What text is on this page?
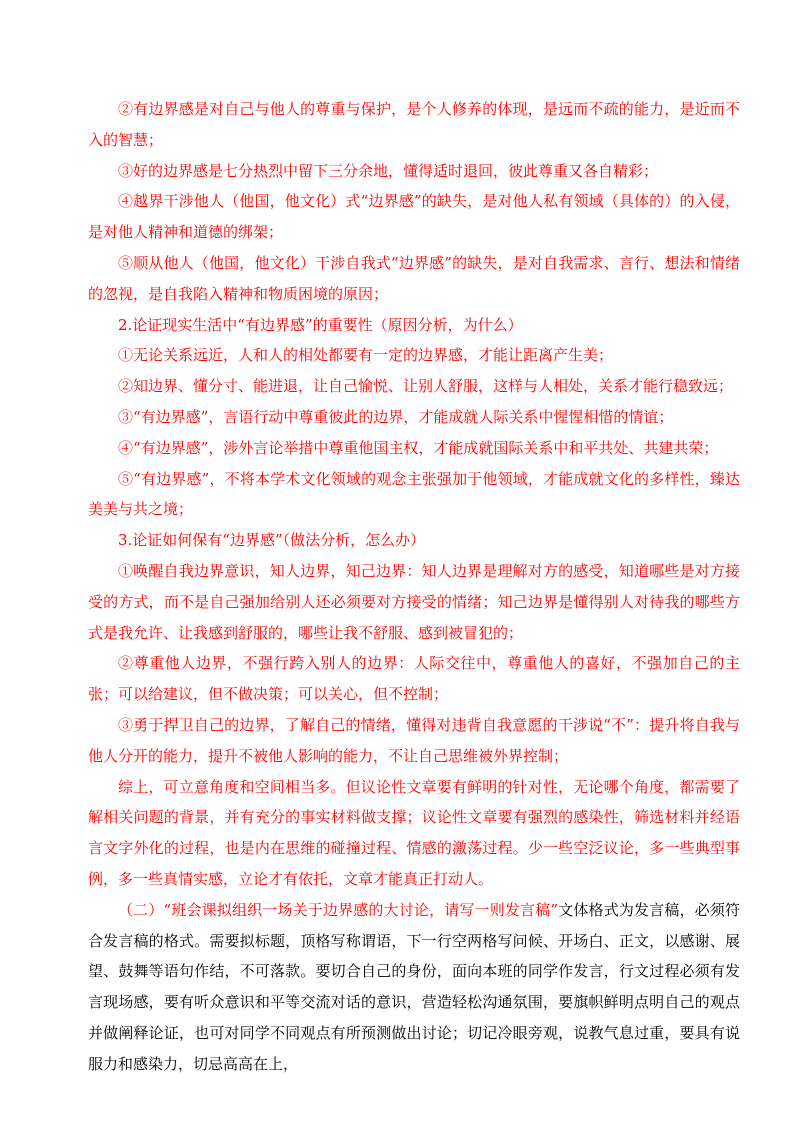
②有边界感是对自己与他人的尊重与保护，是个人修养的体现，是远而不疏的能力，是近而不入的智慧；

③好的边界感是七分热烈中留下三分余地，懂得适时退回，彼此尊重又各自精彩；

④越界干涉他人（他国，他文化）式“边界感”的缺失，是对他人私有领域（具体的）的入侵，是对他人精神和道德的绑架；

⑤顺从他人（他国，他文化）干涉自我式“边界感”的缺失，是对自我需求、言行、想法和情绪的忽视，是自我陷入精神和物质困境的原因；

2.论证现实生活中“有边界感”的重要性（原因分析，为什么）

①无论关系远近，人和人的相处都要有一定的边界感，才能让距离产生美；

②知边界、懂分寸、能进退，让自己愉悦、让别人舒服，这样与人相处，关系才能行稳致远；

③“有边界感”，言语行动中尊重彼此的边界，才能成就人际关系中惺惺相惜的情谊；

④“有边界感”，涉外言论举措中尊重他国主权，才能成就国际关系中和平共处、共建共荣；

⑤“有边界感”，不将本学术文化领域的观念主张强加于他领域，才能成就文化的多样性，臻达美美与共之境；

3.论证如何保有“边界感”（做法分析，怎么办）

①唤醒自我边界意识，知人边界，知己边界：知人边界是理解对方的感受，知道哪些是对方接受的方式，而不是自己强加给别人还必须要对方接受的情绪；知己边界是懂得别人对待我的哪些方式是我允许、让我感到舒服的，哪些让我不舒服、感到被冒犯的；

②尊重他人边界，不强行跨入别人的边界：人际交往中，尊重他人的喜好，不强加自己的主张；可以给建议，但不做决策；可以关心，但不控制；

③勇于捍卫自己的边界，了解自己的情绪，懂得对违背自我意愿的干涉说“不”：提升将自我与他人分开的能力，提升不被他人影响的能力，不让自己思维被外界控制；

综上，可立意角度和空间相当多。但议论性文章要有鲜明的针对性，无论哪个角度，都需要了解相关问题的背景，并有充分的事实材料做支撑；议论性文章要有强烈的感染性，筛选材料并经语言文字外化的过程，也是内在思维的碰撞过程、情感的激荡过程。少一些空泛议论，多一些典型事例，多一些真情实感，立论才有依托，文章才能真正打动人。

（二）“班会课拟组织一场关于边界感的大讨论，请写一则发言稿”文体格式为发言稿，必须符合发言稿的格式。需要拟标题，顶格写称谓语，下一行空两格写问候、开场白、正文，以感谢、展望、鼓舞等语句作结，不可落款。要切合自己的身份，面向本班的同学作发言，行文过程必须有发言现场感，要有听众意识和平等交流对话的意识，营造轻松沟通氛围，要旗帜鲜明点明自己的观点并做阐释论证，也可对同学不同观点有所预测做出讨论；切记冷眼旁观，说教气息过重，要具有说服力和感染力，切忌高高在上，
